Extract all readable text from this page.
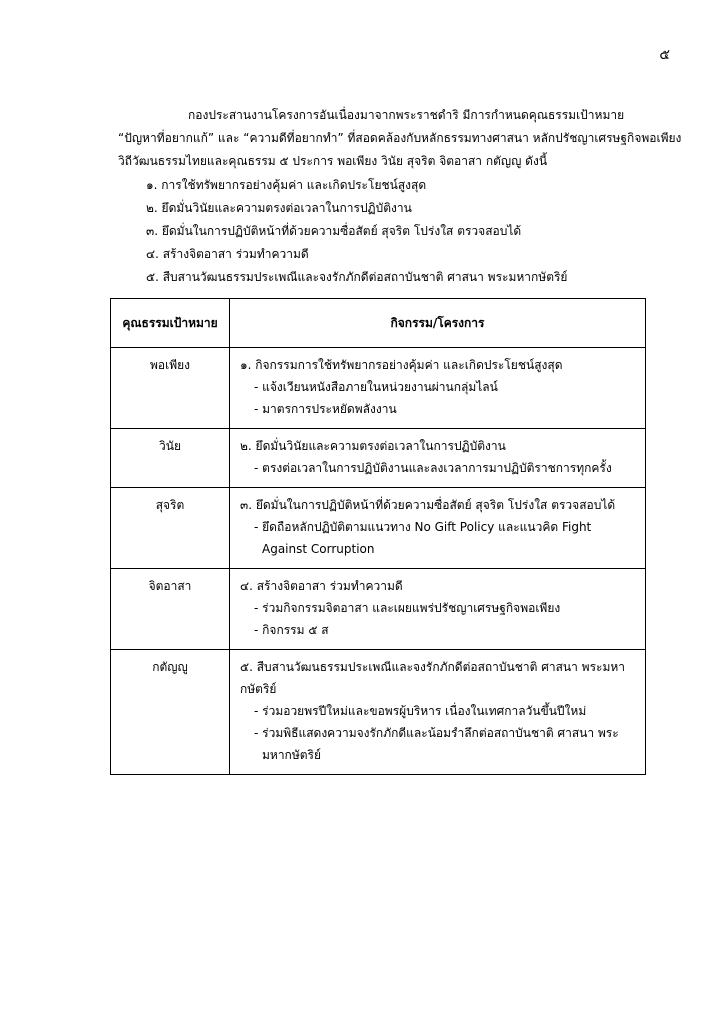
๕

กองประสานงานโครงการอันเนื่องมาจากพระราชดำริ มีการกำหนดคุณธรรมเป้าหมาย
“ปัญหาที่อยากแก้” และ “ความดีที่อยากทำ” ที่สอดคล้องกับหลักธรรมทางศาสนา หลักปรัชญาเศรษฐกิจพอเพียง
วิถีวัฒนธรรมไทยและคุณธรรม ๕ ประการ พอเพียง วินัย สุจริต จิตอาสา กตัญญู ดังนี้

๑. การใช้ทรัพยากรอย่างคุ้มค่า และเกิดประโยชน์สูงสุด
๒. ยึดมั่นวินัยและความตรงต่อเวลาในการปฏิบัติงาน
๓. ยึดมั่นในการปฏิบัติหน้าที่ด้วยความซื่อสัตย์ สุจริต โปร่งใส ตรวจสอบได้
๔. สร้างจิตอาสา ร่วมทำความดี
๕. สืบสานวัฒนธรรมประเพณีและจงรักภักดีต่อสถาบันชาติ ศาสนา พระมหากษัตริย์
คุณธรรมเป้าหมาย	กิจกรรม/โครงการ
พอเพียง	๑. กิจกรรมการใช้ทรัพยากรอย่างคุ้มค่า และเกิดประโยชน์สูงสุด
- แจ้งเวียนหนังสือภายในหน่วยงานผ่านกลุ่มไลน์
- มาตรการประหยัดพลังงาน

วินัย	๒. ยึดมั่นวินัยและความตรงต่อเวลาในการปฏิบัติงาน
- ตรงต่อเวลาในการปฏิบัติงานและลงเวลาการมาปฏิบัติราชการทุกครั้ง

สุจริต	๓. ยึดมั่นในการปฏิบัติหน้าที่ด้วยความซื่อสัตย์ สุจริต โปร่งใส ตรวจสอบได้
- ยึดถือหลักปฏิบัติตามแนวทาง No Gift Policy และแนวคิด Fight Against Corruption

จิตอาสา	๔. สร้างจิตอาสา ร่วมทำความดี
- ร่วมกิจกรรมจิตอาสา และเผยแพร่ปรัชญาเศรษฐกิจพอเพียง
- กิจกรรม ๕ ส

กตัญญู	๕. สืบสานวัฒนธรรมประเพณีและจงรักภักดีต่อสถาบันชาติ ศาสนา พระมหากษัตริย์
- ร่วมอวยพรปีใหม่และขอพรผู้บริหาร เนื่องในเทศกาลวันขึ้นปีใหม่
- ร่วมพิธีแสดงความจงรักภักดีและน้อมรำลึกต่อสถาบันชาติ ศาสนา พระมหากษัตริย์
